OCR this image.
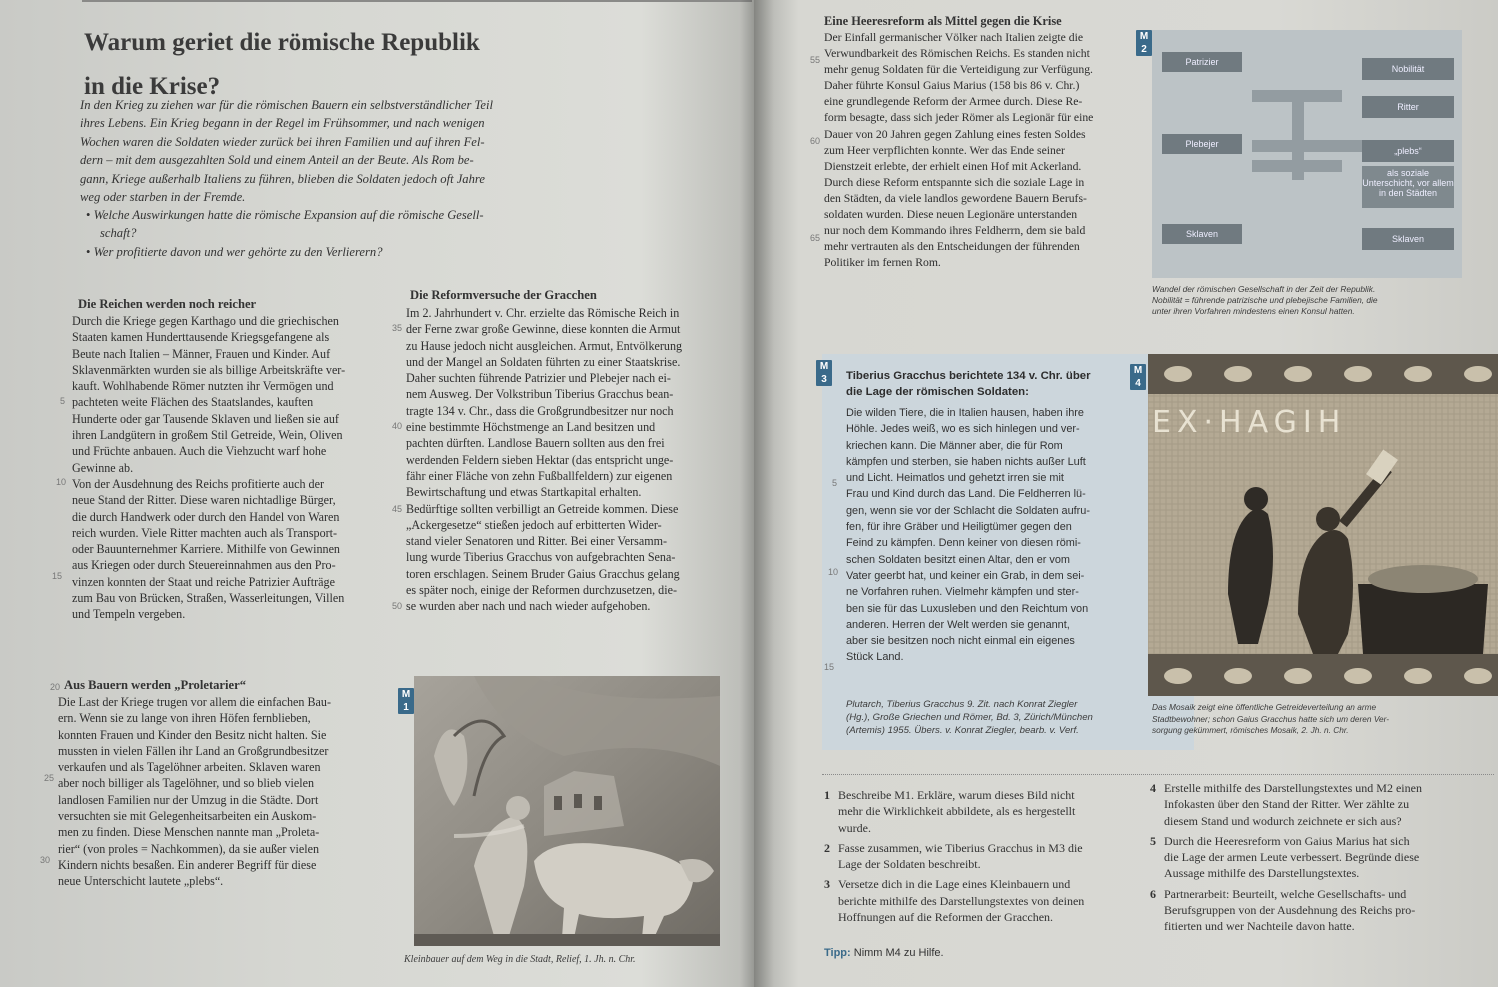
Warum geriet die römische Republik
in die Krise?
In den Krieg zu ziehen war für die römischen Bauern ein selbstverständlicher Teil
ihres Lebens. Ein Krieg begann in der Regel im Frühsommer, und nach wenigen
Wochen waren die Soldaten wieder zurück bei ihren Familien und auf ihren Fel-
dern – mit dem ausgezahlten Sold und einem Anteil an der Beute. Als Rom be-
gann, Kriege außerhalb Italiens zu führen, blieben die Soldaten jedoch oft Jahre
weg oder starben in der Fremde.
• Welche Auswirkungen hatte die römische Expansion auf die römische Gesell-
schaft?
• Wer profitierte davon und wer gehörte zu den Verlierern?
Die Reichen werden noch reicher
Durch die Kriege gegen Karthago und die griechischen
Staaten kamen Hunderttausende Kriegsgefangene als
Beute nach Italien – Männer, Frauen und Kinder. Auf
Sklavenmärkten wurden sie als billige Arbeitskräfte ver-
kauft. Wohlhabende Römer nutzten ihr Vermögen und
pachteten weite Flächen des Staatslandes, kauften
Hunderte oder gar Tausende Sklaven und ließen sie auf
ihren Landgütern in großem Stil Getreide, Wein, Oliven
und Früchte anbauen. Auch die Viehzucht warf hohe
Gewinne ab.
Von der Ausdehnung des Reichs profitierte auch der
neue Stand der Ritter. Diese waren nichtadlige Bürger,
die durch Handwerk oder durch den Handel von Waren
reich wurden. Viele Ritter machten auch als Transport-
oder Bauunternehmer Karriere. Mithilfe von Gewinnen
aus Kriegen oder durch Steuereinnahmen aus den Pro-
vinzen konnten der Staat und reiche Patrizier Aufträge
zum Bau von Brücken, Straßen, Wasserleitungen, Villen
und Tempeln vergeben.
Aus Bauern werden „Proletarier“
Die Last der Kriege trugen vor allem die einfachen Bau-
ern. Wenn sie zu lange von ihren Höfen fernblieben,
konnten Frauen und Kinder den Besitz nicht halten. Sie
mussten in vielen Fällen ihr Land an Großgrundbesitzer
verkaufen und als Tagelöhner arbeiten. Sklaven waren
aber noch billiger als Tagelöhner, und so blieb vielen
landlosen Familien nur der Umzug in die Städte. Dort
versuchten sie mit Gelegenheitsarbeiten ein Auskom-
men zu finden. Diese Menschen nannte man „Proleta-
rier“ (von proles = Nachkommen), da sie außer vielen
Kindern nichts besaßen. Ein anderer Begriff für diese
neue Unterschicht lautete „plebs“.
5
10
15
20
25
30
Die Reformversuche der Gracchen
Im 2. Jahrhundert v. Chr. erzielte das Römische Reich in
der Ferne zwar große Gewinne, diese konnten die Armut
zu Hause jedoch nicht ausgleichen. Armut, Entvölkerung
und der Mangel an Soldaten führten zu einer Staatskrise.
Daher suchten führende Patrizier und Plebejer nach ei-
nem Ausweg. Der Volkstribun Tiberius Gracchus bean-
tragte 134 v. Chr., dass die Großgrundbesitzer nur noch
eine bestimmte Höchstmenge an Land besitzen und
pachten dürften. Landlose Bauern sollten aus den frei
werdenden Feldern sieben Hektar (das entspricht unge-
fähr einer Fläche von zehn Fußballfeldern) zur eigenen
Bewirtschaftung und etwas Startkapital erhalten.
Bedürftige sollten verbilligt an Getreide kommen. Diese
„Ackergesetze“ stießen jedoch auf erbitterten Wider-
stand vieler Senatoren und Ritter. Bei einer Versamm-
lung wurde Tiberius Gracchus von aufgebrachten Sena-
toren erschlagen. Seinem Bruder Gaius Gracchus gelang
es später noch, einige der Reformen durchzusetzen, die-
se wurden aber nach und nach wieder aufgehoben.
35
40
45
50
M
1
Kleinbauer auf dem Weg in die Stadt, Relief, 1. Jh. n. Chr.
Eine Heeresreform als Mittel gegen die Krise
Der Einfall germanischer Völker nach Italien zeigte die
Verwundbarkeit des Römischen Reichs. Es standen nicht
mehr genug Soldaten für die Verteidigung zur Verfügung.
Daher führte Konsul Gaius Marius (158 bis 86 v. Chr.)
eine grundlegende Reform der Armee durch. Diese Re-
form besagte, dass sich jeder Römer als Legionär für eine
Dauer von 20 Jahren gegen Zahlung eines festen Soldes
zum Heer verpflichten konnte. Wer das Ende seiner
Dienstzeit erlebte, der erhielt einen Hof mit Ackerland.
Durch diese Reform entspannte sich die soziale Lage in
den Städten, da viele landlos gewordene Bauern Berufs-
soldaten wurden. Diese neuen Legionäre unterstanden
nur noch dem Kommando ihres Feldherrn, dem sie bald
mehr vertrauten als den Entscheidungen der führenden
Politiker im fernen Rom.
55
60
65
M
2
Patrizier
Nobilität
Ritter
Plebejer
„plebs“
als soziale Unterschicht, vor allem in den Städten
Sklaven	Sklaven
Wandel der römischen Gesellschaft in der Zeit der Republik.
Nobilität = führende patrizische und plebejische Familien, die
unter ihren Vorfahren mindestens einen Konsul hatten.
M
3	Tiberius Gracchus berichtete 134 v. Chr. über
die Lage der römischen Soldaten:
Die wilden Tiere, die in Italien hausen, haben ihre
Höhle. Jedes weiß, wo es sich hinlegen und ver-
kriechen kann. Die Männer aber, die für Rom
kämpfen und sterben, sie haben nichts außer Luft
und Licht. Heimatlos und gehetzt irren sie mit
Frau und Kind durch das Land. Die Feldherren lü-
gen, wenn sie vor der Schlacht die Soldaten aufru-
fen, für ihre Gräber und Heiligtümer gegen den
Feind zu kämpfen. Denn keiner von diesen römi-
schen Soldaten besitzt einen Altar, den er vom
Vater geerbt hat, und keiner ein Grab, in dem sei-
ne Vorfahren ruhen. Vielmehr kämpfen und ster-
ben sie für das Luxusleben und den Reichtum von
anderen. Herren der Welt werden sie genannt,
aber sie besitzen noch nicht einmal ein eigenes
Stück Land.
5
10
15
Plutarch, Tiberius Gracchus 9. Zit. nach Konrat Ziegler
(Hg.), Große Griechen und Römer, Bd. 3, Zürich/München
(Artemis) 1955. Übers. v. Konrat Ziegler, bearb. v. Verf.
M
4
EX·HAGIH
Das Mosaik zeigt eine öffentliche Getreideverteilung an arme
Stadtbewohner; schon Gaius Gracchus hatte sich um deren Ver-
sorgung gekümmert, römisches Mosaik, 2. Jh. n. Chr.
1 Beschreibe M1. Erkläre, warum dieses Bild nicht
mehr die Wirklichkeit abbildete, als es hergestellt
wurde.
2 Fasse zusammen, wie Tiberius Gracchus in M3 die
Lage der Soldaten beschreibt.
3 Versetze dich in die Lage eines Kleinbauern und
berichte mithilfe des Darstellungstextes von deinen
Hoffnungen auf die Reformen der Gracchen.
Tipp: Nimm M4 zu Hilfe.
4 Erstelle mithilfe des Darstellungstextes und M2 einen
Infokasten über den Stand der Ritter. Wer zählte zu
diesem Stand und wodurch zeichnete er sich aus?
5 Durch die Heeresreform von Gaius Marius hat sich
die Lage der armen Leute verbessert. Begründe diese
Aussage mithilfe des Darstellungstextes.
6 Partnerarbeit: Beurteilt, welche Gesellschafts- und
Berufsgruppen von der Ausdehnung des Reichs pro-
fitierten und wer Nachteile davon hatte.
